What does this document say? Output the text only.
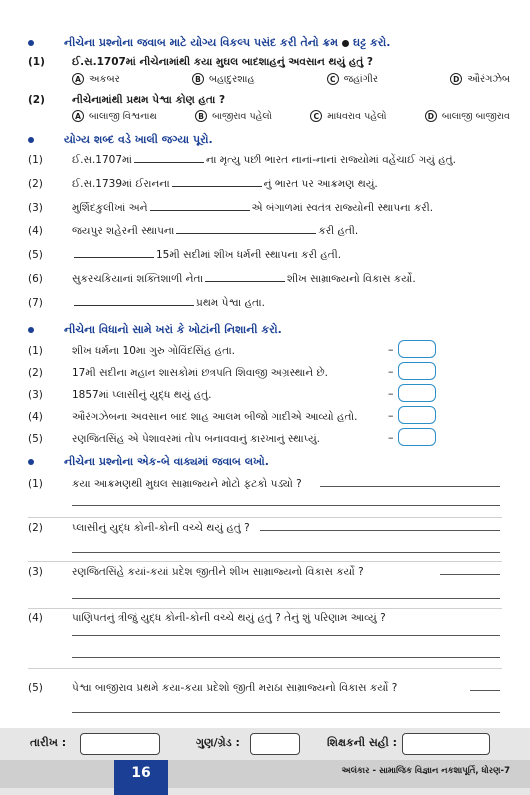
નીચેના પ્રશ્નોના જવાબ માટે યોગ્ય વિકલ્પ પસંદ કરી તેનો ક્રમ ઘટ્ટ કરો.
(1)	ઈ.સ.1707માં નીચેનામાંથી કયા મુઘલ બાદશાહનું અવસાન થયું હતું ?
A અકબર	B બહાદુરશાહ	C જહાંગીર	D ઔરંગઝેબ
(2)	નીચેનામાંથી પ્રથમ પેશ્વા કોણ હતા ?
A બાલાજી વિશ્વનાથ	B બાજીરાવ પહેલો	C માધવરાવ પહેલો	D બાલાજી બાજીરાવ
યોગ્ય શબ્દ વડે ખાલી જગ્યા પૂરો.
(1)	ઈ.સ.1707માં	ના મૃત્યુ પછી ભારત નાનાં-નાનાં રાજ્યોમાં વહેંચાઈ ગયું હતું.
(2)	ઈ.સ.1739માં ઈરાનના	નું ભારત પર આક્રમણ થયું.
(3)	મુર્શિદકુલીખાં અને	એ બંગાળમાં સ્વતંત્ર રાજ્યોની સ્થાપના કરી.
(4)	જયપુર શહેરની સ્થાપના	કરી હતી.
(5)	15મી સદીમાં શીખ ધર્મની સ્થાપના કરી હતી.
(6)	સુકરચકિયાનાં શક્તિશાળી નેતા	શીખ સામ્રાજ્યનો વિકાસ કર્યો.
(7)	પ્રથમ પેશ્વા હતા.
નીચેના વિધાનો સામે ખરાં કે ખોટાંની નિશાની કરો.
(1)	શીખ ધર્મના 10મા ગુરુ ગોવિંદસિંહ હતા.	–
(2)	17મી સદીના મહાન શાસકોમાં છત્રપતિ શિવાજી અગ્રસ્થાને છે.	–
(3)	1857માં પ્લાસીનું યુદ્ધ થયું હતું.	–
(4)	ઔરંગઝેબના અવસાન બાદ શાહ આલમ બીજો ગાદીએ આવ્યો હતો.	–
(5)	રણજિતસિંહ એ પેશાવરમાં તોપ બનાવવાનું કારખાનું સ્થાપ્યું.	–
નીચેના પ્રશ્નોના એક-બે વાક્યમાં જવાબ લખો.
(1)	કયા આક્રમણથી મુઘલ સામ્રાજ્યને મોટો ફટકો પડ્યો ?
(2)	પ્લાસીનું યુદ્ધ કોની-કોની વચ્ચે થયું હતું ?
(3)	રણજિતસિંહે કયાં-કયાં પ્રદેશ જીતીને શીખ સામ્રાજ્યનો વિકાસ કર્યો ?
(4)	પાણિપતનું ત્રીજું યુદ્ધ કોની-કોની વચ્ચે થયું હતું ? તેનું શું પરિણામ આવ્યું ?
(5)	પેશ્વા બાજીરાવ પ્રથમે કયા-કયા પ્રદેશો જીતી મરાઠા સામ્રાજ્યનો વિકાસ કર્યો ?
તારીખ :	ગુણ/ગ્રેડ :	શિક્ષકની સહી :
16	અલંકાર - સામાજિક વિજ્ઞાન નકશાપૂર્તિ, ધોરણ-7
